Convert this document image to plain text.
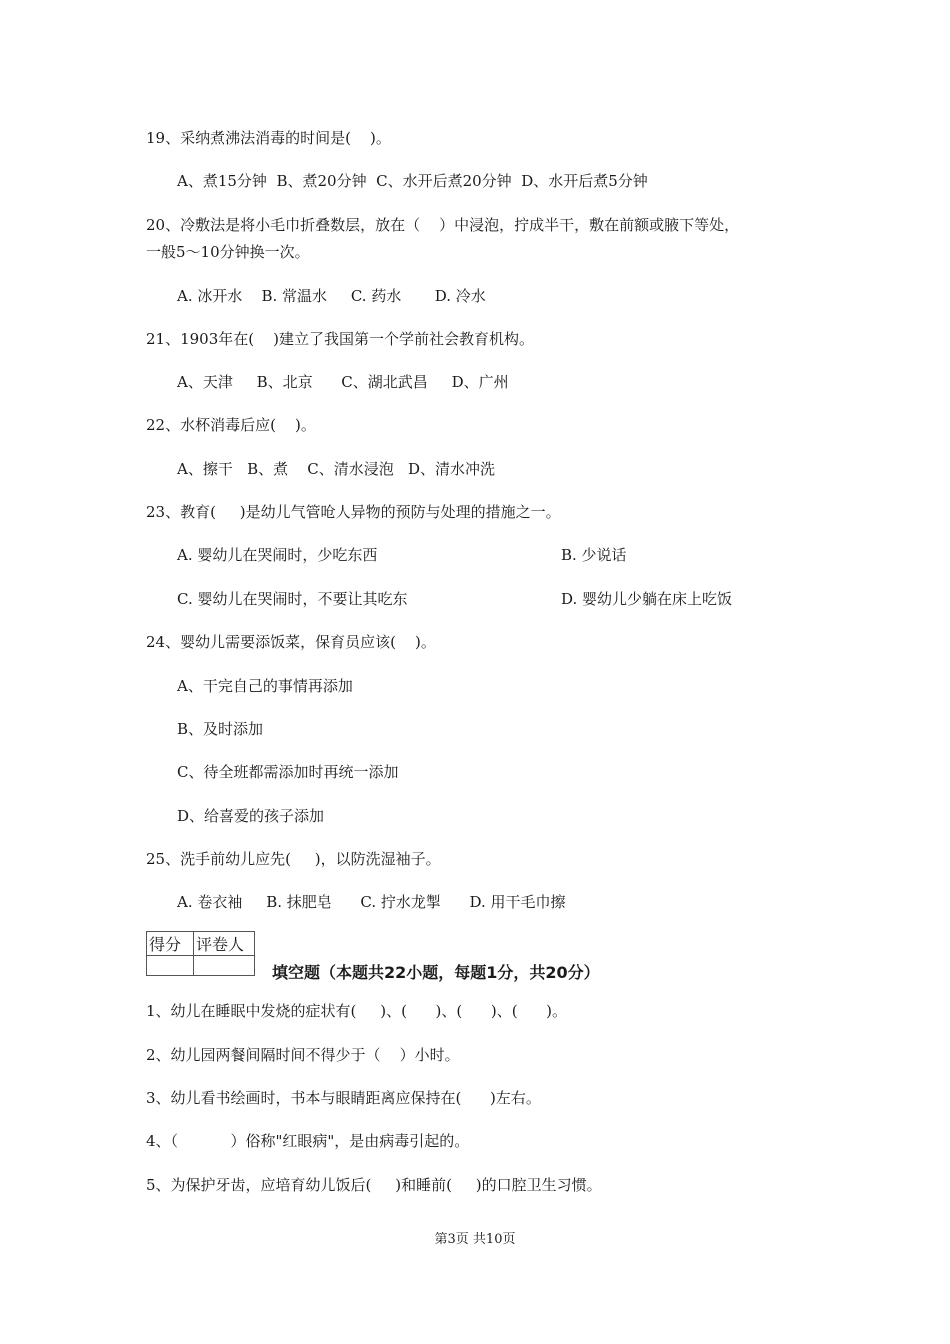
19、采纳煮沸法消毒的时间是(    )。
A、煮15分钟  B、煮20分钟  C、水开后煮20分钟  D、水开后煮5分钟
20、冷敷法是将小毛巾折叠数层，放在（    ）中浸泡，拧成半干，敷在前额或腋下等处，
一般5～10分钟换一次。
A. 冰开水    B. 常温水     C. 药水       D. 冷水
21、1903年在(    )建立了我国第一个学前社会教育机构。
A、天津     B、北京      C、湖北武昌     D、广州
22、水杯消毒后应(    )。
A、擦干   B、煮    C、清水浸泡   D、清水冲洗
23、教育(     )是幼儿气管呛人异物的预防与处理的措施之一。
A. 婴幼儿在哭闹时，少吃东西	B. 少说话
C. 婴幼儿在哭闹时，不要让其吃东	D. 婴幼儿少躺在床上吃饭
24、婴幼儿需要添饭菜，保育员应该(    )。
A、干完自己的事情再添加
B、及时添加
C、待全班都需添加时再统一添加
D、给喜爱的孩子添加
25、洗手前幼儿应先(     )，以防洗湿袖子。
A. 卷衣袖     B. 抹肥皂      C. 拧水龙掣      D. 用干毛巾擦
得分	评卷人

填空题（本题共22小题，每题1分，共20分）
1、幼儿在睡眠中发烧的症状有(     )、(      )、(      )、(      )。
2、幼儿园两餐间隔时间不得少于（    ）小时。
3、幼儿看书绘画时，书本与眼睛距离应保持在(      )左右。
4、（           ）俗称"红眼病"，是由病毒引起的。
5、为保护牙齿，应培育幼儿饭后(     )和睡前(     )的口腔卫生习惯。
第3页 共10页
